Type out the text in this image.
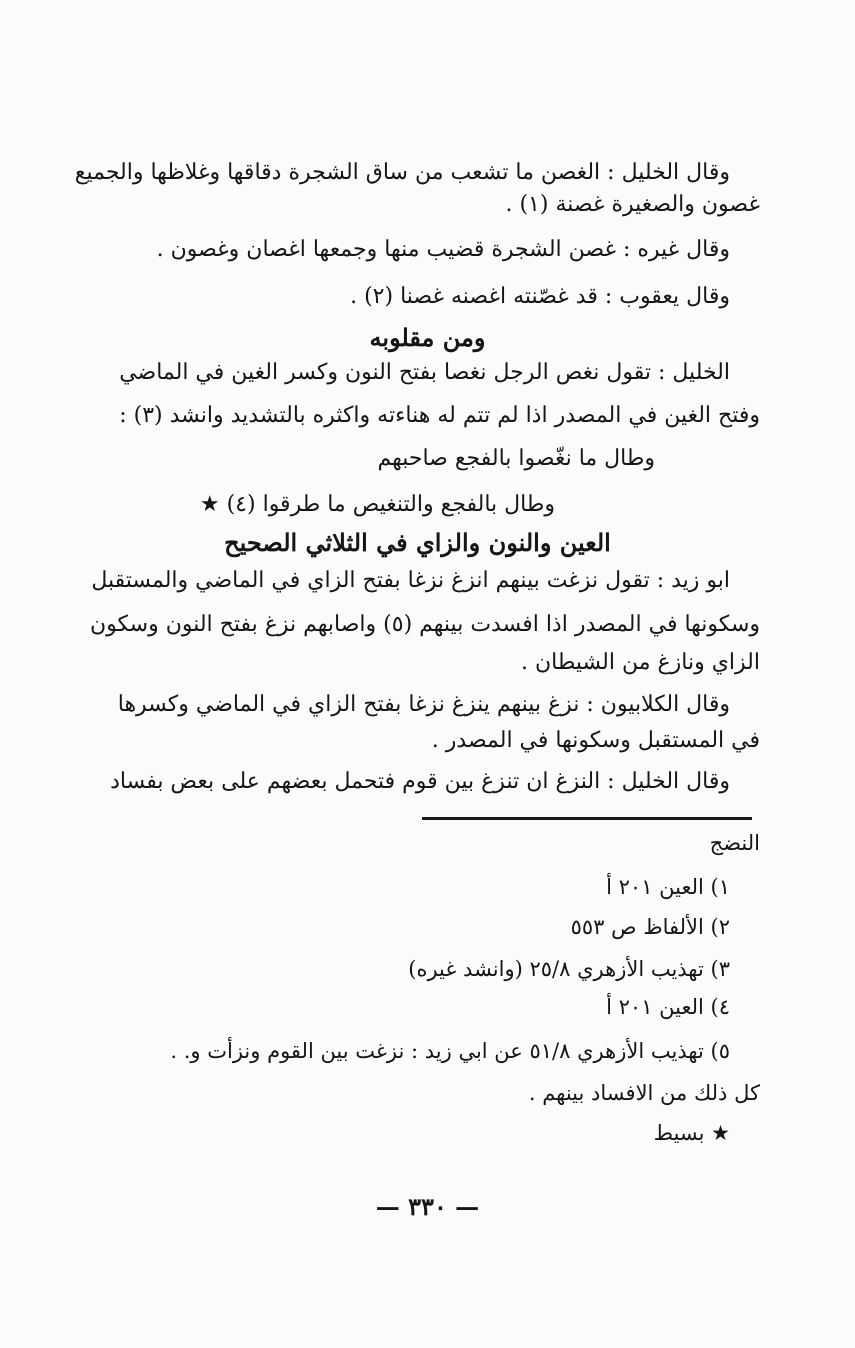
وقال الخليل : الغصن ما تشعب من ساق الشجرة دقاقها وغلاظها والجميع
غصون والصغيرة غصنة (١) .
وقال غيره : غصن الشجرة قضيب منها وجمعها اغصان وغصون .
وقال يعقوب : قد غصّنته اغصنه غصنا (٢) .
ومن مقلوبه
الخليل : تقول نغص الرجل نغصا بفتح النون وكسر الغين في الماضي
وفتح الغين في المصدر اذا لم تتم له هناءته واكثره بالتشديد وانشد (٣) :
وطال ما نغّصوا بالفجع صاحبهم
وطال بالفجع والتنغيص ما طرقوا (٤) ★
العين والنون والزاي في الثلاثي الصحيح
ابو زيد : تقول نزغت بينهم انزغ نزغا بفتح الزاي في الماضي والمستقبل
وسكونها في المصدر اذا افسدت بينهم (٥) واصابهم نزغ بفتح النون وسكون
الزاي ونازغ من الشيطان .
وقال الكلابيون : نزغ بينهم ينزغ نزغا بفتح الزاي في الماضي وكسرها
في المستقبل وسكونها في المصدر .
وقال الخليل : النزغ ان تنزغ بين قوم فتحمل بعضهم على بعض بفساد
النضج
١) العين ٢٠١ أ
٢) الألفاظ ص ٥٥٣
٣) تهذيب الأزهري ٢٥/٨ (وانشد غيره)
٤) العين ٢٠١ أ
٥) تهذيب الأزهري ٥١/٨ عن ابي زيد : نزغت بين القوم ونزأت و. .
كل ذلك من الافساد بينهم .
★ بسيط
— ٣٣٠ —
